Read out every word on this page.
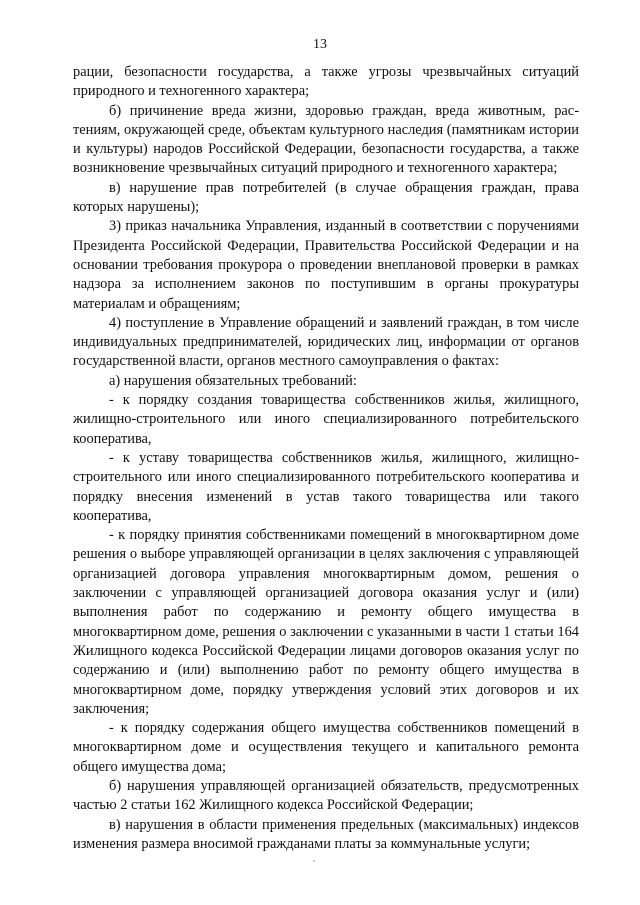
13

рации, безопасности государства, а также угрозы чрезвычайных ситуаций природного и техногенного характера;

б) причинение вреда жизни, здоровью граждан, вреда животным, растениям, окружающей среде, объектам культурного наследия (памятникам истории и культуры) народов Российской Федерации, безопасности государства, а также возникновение чрезвычайных ситуаций природного и техногенного характера;

в) нарушение прав потребителей (в случае обращения граждан, права которых нарушены);

3) приказ начальника Управления, изданный в соответствии с поручениями Президента Российской Федерации, Правительства Российской Федерации и на основании требования прокурора о проведении внеплановой проверки в рамках надзора за исполнением законов по поступившим в органы прокуратуры материалам и обращениям;

4) поступление в Управление обращений и заявлений граждан, в том числе индивидуальных предпринимателей, юридических лиц, информации от органов государственной власти, органов местного самоуправления о фактах:

а) нарушения обязательных требований:

- к порядку создания товарищества собственников жилья, жилищного, жилищно-строительного или иного специализированного потребительского кооператива,

- к уставу товарищества собственников жилья, жилищного, жилищно-строительного или иного специализированного потребительского кооператива и порядку внесения изменений в устав такого товарищества или такого кооператива,

- к порядку принятия собственниками помещений в многоквартирном доме решения о выборе управляющей организации в целях заключения с управляющей организацией договора управления многоквартирным домом, решения о заключении с управляющей организацией договора оказания услуг и (или) выполнения работ по содержанию и ремонту общего имущества в многоквартирном доме, решения о заключении с указанными в части 1 статьи 164 Жилищного кодекса Российской Федерации лицами договоров оказания услуг по содержанию и (или) выполнению работ по ремонту общего имущества в многоквартирном доме, порядку утверждения условий этих договоров и их заключения;

- к порядку содержания общего имущества собственников помещений в многоквартирном доме и осуществления текущего и капитального ремонта общего имущества дома;

б) нарушения управляющей организацией обязательств, предусмотренных частью 2 статьи 162 Жилищного кодекса Российской Федерации;

в) нарушения в области применения предельных (максимальных) индексов изменения размера вносимой гражданами платы за коммунальные услуги;
